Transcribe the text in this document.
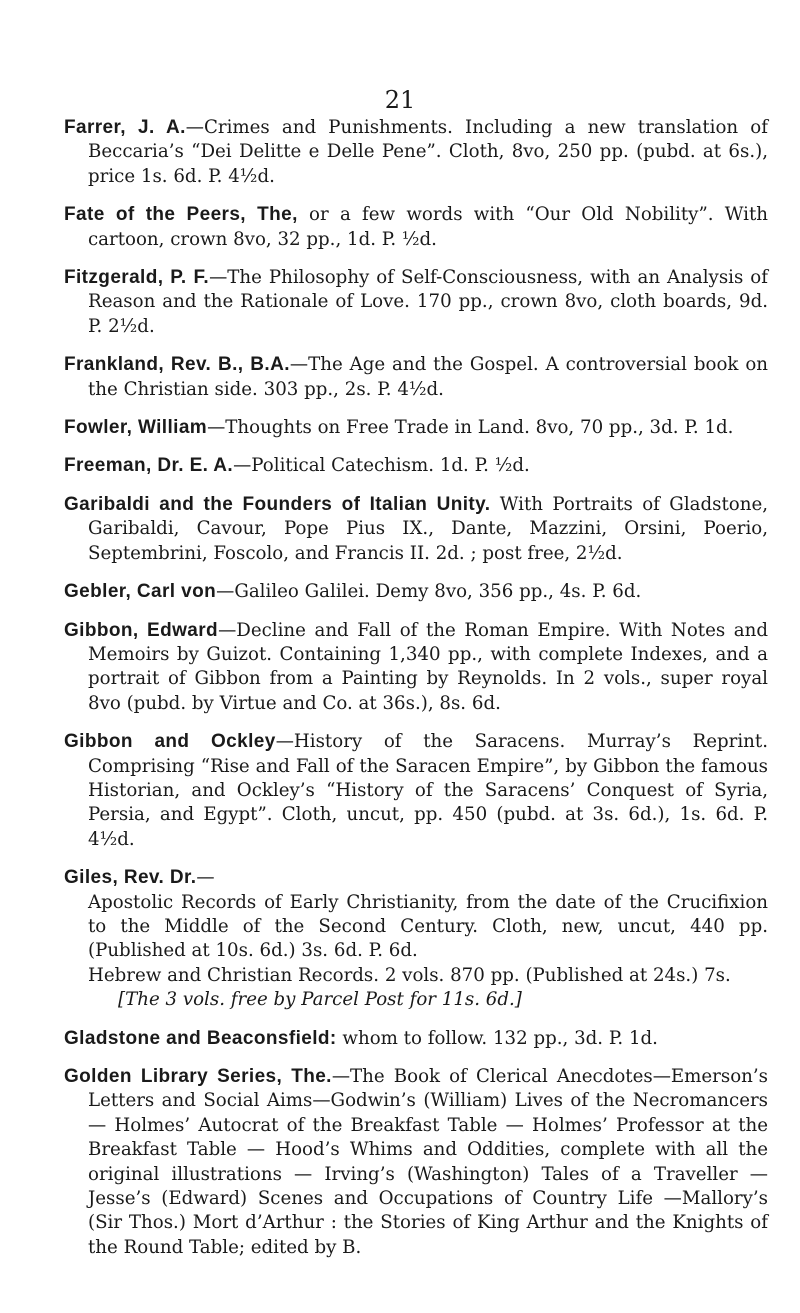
21

Farrer, J. A.—Crimes and Punishments. Including a new translation of Beccaria’s “Dei Delitte e Delle Pene”. Cloth, 8vo, 250 pp. (pubd. at 6s.), price 1s. 6d. P. 4½d.

Fate of the Peers, The, or a few words with “Our Old Nobility”. With cartoon, crown 8vo, 32 pp., 1d. P. ½d.

Fitzgerald, P. F.—The Philosophy of Self-Consciousness, with an Analysis of Reason and the Rationale of Love. 170 pp., crown 8vo, cloth boards, 9d. P. 2½d.

Frankland, Rev. B., B.A.—The Age and the Gospel. A controversial book on the Christian side. 303 pp., 2s. P. 4½d.

Fowler, William—Thoughts on Free Trade in Land. 8vo, 70 pp., 3d. P. 1d.

Freeman, Dr. E. A.—Political Catechism. 1d. P. ½d.

Garibaldi and the Founders of Italian Unity. With Portraits of Gladstone, Garibaldi, Cavour, Pope Pius IX., Dante, Mazzini, Orsini, Poerio, Septembrini, Foscolo, and Francis II. 2d. ; post free, 2½d.

Gebler, Carl von—Galileo Galilei. Demy 8vo, 356 pp., 4s. P. 6d.

Gibbon, Edward—Decline and Fall of the Roman Empire. With Notes and Memoirs by Guizot. Containing 1,340 pp., with complete Indexes, and a portrait of Gibbon from a Painting by Reynolds. In 2 vols., super royal 8vo (pubd. by Virtue and Co. at 36s.), 8s. 6d.

Gibbon and Ockley—History of the Saracens. Murray’s Reprint. Comprising “Rise and Fall of the Saracen Empire”, by Gibbon the famous Historian, and Ockley’s “History of the Saracens’ Conquest of Syria, Persia, and Egypt”. Cloth, uncut, pp. 450 (pubd. at 3s. 6d.), 1s. 6d. P. 4½d.

Giles, Rev. Dr.—
Apostolic Records of Early Christianity, from the date of the Crucifixion to the Middle of the Second Century. Cloth, new, uncut, 440 pp. (Published at 10s. 6d.) 3s. 6d. P. 6d.
Hebrew and Christian Records. 2 vols. 870 pp. (Published at 24s.) 7s.
[The 3 vols. free by Parcel Post for 11s. 6d.]

Gladstone and Beaconsfield: whom to follow. 132 pp., 3d. P. 1d.

Golden Library Series, The.—The Book of Clerical Anecdotes—Emerson’s Letters and Social Aims—Godwin’s (William) Lives of the Necromancers — Holmes’ Autocrat of the Breakfast Table — Holmes’ Professor at the Breakfast Table — Hood’s Whims and Oddities, complete with all the original illustrations — Irving’s (Washington) Tales of a Traveller — Jesse’s (Edward) Scenes and Occupations of Country Life —Mallory’s (Sir Thos.) Mort d’Arthur : the Stories of King Arthur and the Knights of the Round Table; edited by B.
